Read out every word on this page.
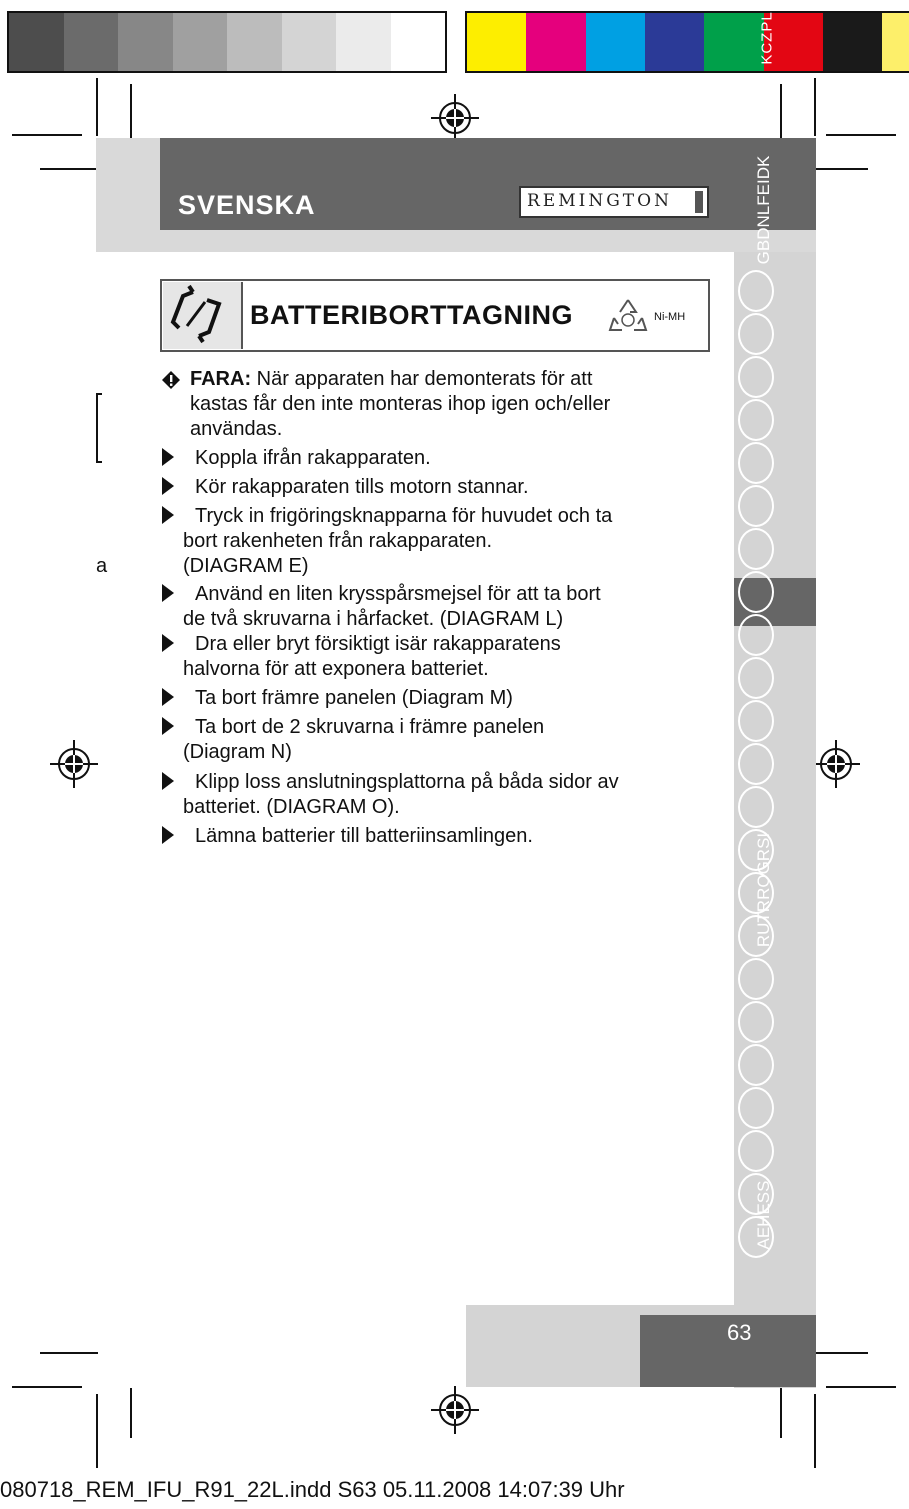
KCZPL
SVENSKA	REMINGTON	GBDNLFEIDK
RUTRROGRSI
AEHESS
63
BATTERIBORTTAGNING	Ni-MH
FARA: När apparaten har demonterats för att
kastas får den inte monteras ihop igen och/eller
användas.
Koppla ifrån rakapparaten.
Kör rakapparaten tills motorn stannar.
Tryck in frigöringsknapparna för huvudet och ta
bort rakenheten från rakapparaten.
(DIAGRAM E)
a
Använd en liten krysspårsmejsel för att ta bort
de två skruvarna i hårfacket. (DIAGRAM L)
Dra eller bryt försiktigt isär rakapparatens
halvorna för att exponera batteriet.
Ta bort främre panelen (Diagram M)
Ta bort de 2 skruvarna i främre panelen
(Diagram N)
Klipp loss anslutningsplattorna på båda sidor av
batteriet. (DIAGRAM O).
Lämna batterier till batteriinsamlingen.
080718_REM_IFU_R91_22L.indd S63 05.11.2008 14:07:39 Uhr
